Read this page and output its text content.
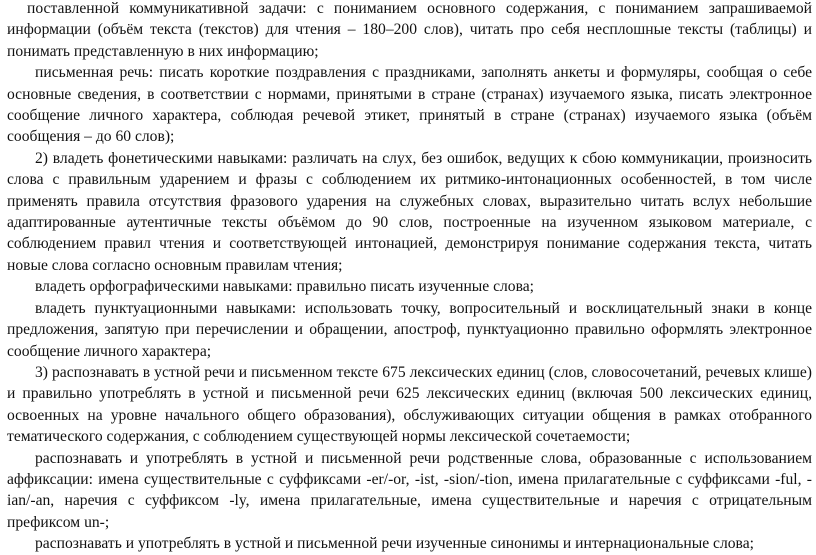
поставленной коммуникативной задачи: с пониманием основного содержания, с пониманием запрашиваемой информации (объём текста (текстов) для чтения – 180–200 слов), читать про себя несплошные тексты (таблицы) и понимать представленную в них информацию;

письменная речь: писать короткие поздравления с праздниками, заполнять анкеты и формуляры, сообщая о себе основные сведения, в соответствии с нормами, принятыми в стране (странах) изучаемого языка, писать электронное сообщение личного характера, соблюдая речевой этикет, принятый в стране (странах) изучаемого языка (объём сообщения – до 60 слов);

2) владеть фонетическими навыками: различать на слух, без ошибок, ведущих к сбою коммуникации, произносить слова с правильным ударением и фразы с соблюдением их ритмико-интонационных особенностей, в том числе применять правила отсутствия фразового ударения на служебных словах, выразительно читать вслух небольшие адаптированные аутентичные тексты объёмом до 90 слов, построенные на изученном языковом материале, с соблюдением правил чтения и соответствующей интонацией, демонстрируя понимание содержания текста, читать новые слова согласно основным правилам чтения;

владеть орфографическими навыками: правильно писать изученные слова;

владеть пунктуационными навыками: использовать точку, вопросительный и восклицательный знаки в конце предложения, запятую при перечислении и обращении, апостроф, пунктуационно правильно оформлять электронное сообщение личного характера;

3) распознавать в устной речи и письменном тексте 675 лексических единиц (слов, словосочетаний, речевых клише) и правильно употреблять в устной и письменной речи 625 лексических единиц (включая 500 лексических единиц, освоенных на уровне начального общего образования), обслуживающих ситуации общения в рамках отобранного тематического содержания, с соблюдением существующей нормы лексической сочетаемости;

распознавать и употреблять в устной и письменной речи родственные слова, образованные с использованием аффиксации: имена существительные с суффиксами -er/-or, -ist, -sion/-tion, имена прилагательные с суффиксами -ful, -ian/-an, наречия с суффиксом -ly, имена прилагательные, имена существительные и наречия с отрицательным префиксом un-;

распознавать и употреблять в устной и письменной речи изученные синонимы и интернациональные слова;
